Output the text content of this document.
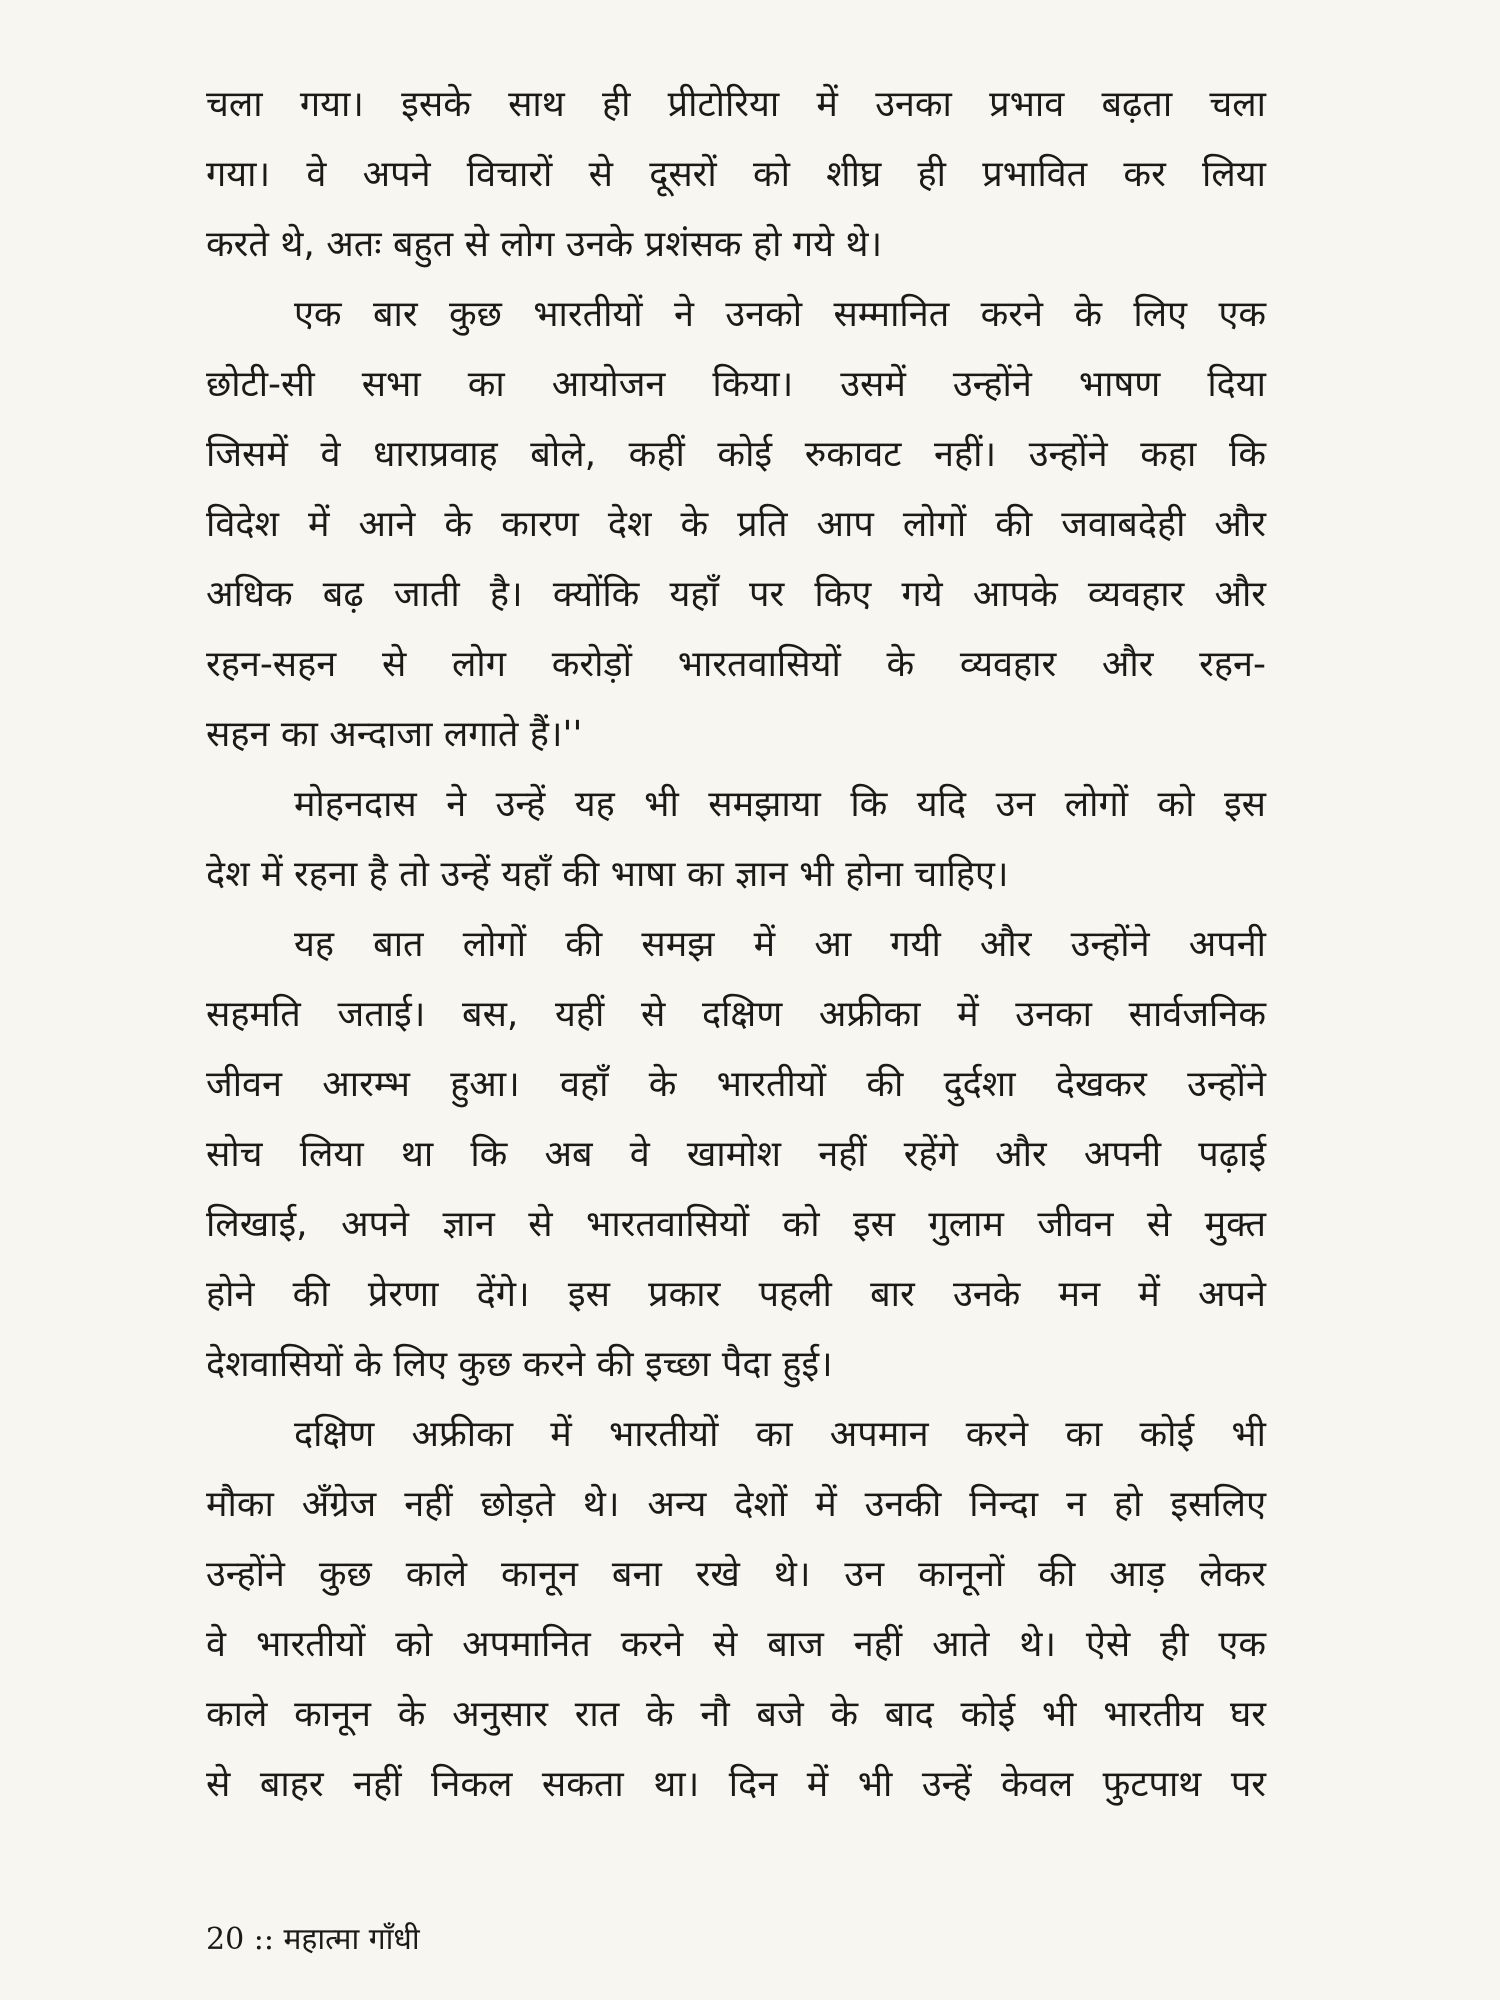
चला गया। इसके साथ ही प्रीटोरिया में उनका प्रभाव बढ़ता चला
गया। वे अपने विचारों से दूसरों को शीघ्र ही प्रभावित कर लिया
करते थे, अतः बहुत से लोग उनके प्रशंसक हो गये थे।
एक बार कुछ भारतीयों ने उनको सम्मानित करने के लिए एक
छोटी-सी सभा का आयोजन किया। उसमें उन्होंने भाषण दिया
जिसमें वे धाराप्रवाह बोले, कहीं कोई रुकावट नहीं। उन्होंने कहा कि
विदेश में आने के कारण देश के प्रति आप लोगों की जवाबदेही और
अधिक बढ़ जाती है। क्योंकि यहाँ पर किए गये आपके व्यवहार और
रहन-सहन से लोग करोड़ों भारतवासियों के व्यवहार और रहन-
सहन का अन्दाजा लगाते हैं।''
मोहनदास ने उन्हें यह भी समझाया कि यदि उन लोगों को इस
देश में रहना है तो उन्हें यहाँ की भाषा का ज्ञान भी होना चाहिए।
यह बात लोगों की समझ में आ गयी और उन्होंने अपनी
सहमति जताई। बस, यहीं से दक्षिण अफ्रीका में उनका सार्वजनिक
जीवन आरम्भ हुआ। वहाँ के भारतीयों की दुर्दशा देखकर उन्होंने
सोच लिया था कि अब वे खामोश नहीं रहेंगे और अपनी पढ़ाई
लिखाई, अपने ज्ञान से भारतवासियों को इस गुलाम जीवन से मुक्त
होने की प्रेरणा देंगे। इस प्रकार पहली बार उनके मन में अपने
देशवासियों के लिए कुछ करने की इच्छा पैदा हुई।
दक्षिण अफ्रीका में भारतीयों का अपमान करने का कोई भी
मौका अँग्रेज नहीं छोड़ते थे। अन्य देशों में उनकी निन्दा न हो इसलिए
उन्होंने कुछ काले कानून बना रखे थे। उन कानूनों की आड़ लेकर
वे भारतीयों को अपमानित करने से बाज नहीं आते थे। ऐसे ही एक
काले कानून के अनुसार रात के नौ बजे के बाद कोई भी भारतीय घर
से बाहर नहीं निकल सकता था। दिन में भी उन्हें केवल फुटपाथ पर
20 :: महात्मा गाँधी
